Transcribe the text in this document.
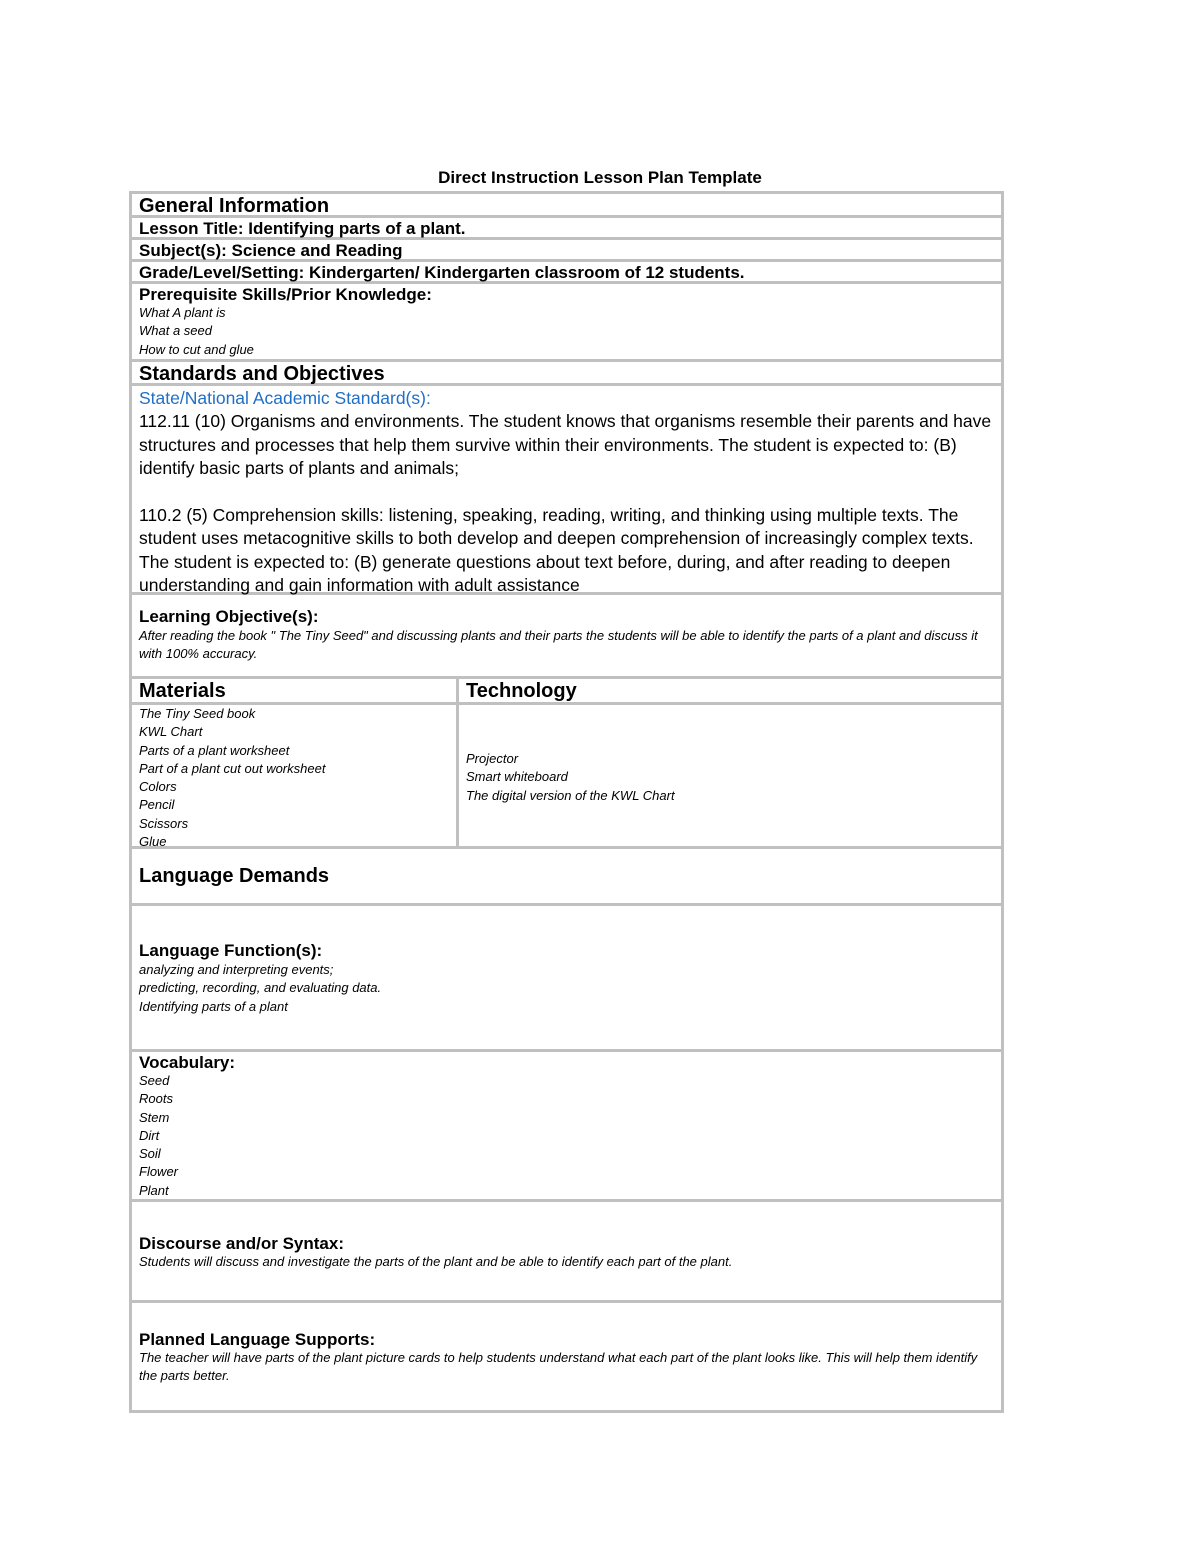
Direct Instruction Lesson Plan Template
General Information
Lesson Title: Identifying parts of a plant.
Subject(s): Science and Reading
Grade/Level/Setting: Kindergarten/ Kindergarten classroom of 12 students.
Prerequisite Skills/Prior Knowledge:
What A plant is
What a seed
How to cut and glue
Standards and Objectives
State/National Academic Standard(s):
112.11 (10) Organisms and environments. The student knows that organisms resemble their parents and have structures and processes that help them survive within their environments. The student is expected to: (B) identify basic parts of plants and animals;
110.2 (5) Comprehension skills: listening, speaking, reading, writing, and thinking using multiple texts. The student uses metacognitive skills to both develop and deepen comprehension of increasingly complex texts. The student is expected to: (B) generate questions about text before, during, and after reading to deepen understanding and gain information with adult assistance
Learning Objective(s):
After reading the book " The Tiny Seed" and discussing plants and their parts the students will be able to identify the parts of a plant and discuss it with 100% accuracy.
Materials	Technology
The Tiny Seed book
KWL Chart
Parts of a plant worksheet
Part of a plant cut out worksheet
Colors
Pencil
Scissors
Glue
Projector
Smart whiteboard
The digital version of the KWL Chart
Language Demands
Language Function(s):
analyzing and interpreting events;
predicting, recording, and evaluating data.
Identifying parts of a plant
Vocabulary:
Seed
Roots
Stem
Dirt
Soil
Flower
Plant
Discourse and/or Syntax:
Students will discuss and investigate the parts of the plant and be able to identify each part of the plant.
Planned Language Supports:
The teacher will have parts of the plant picture cards to help students understand what each part of the plant looks like. This will help them identify the parts better.
